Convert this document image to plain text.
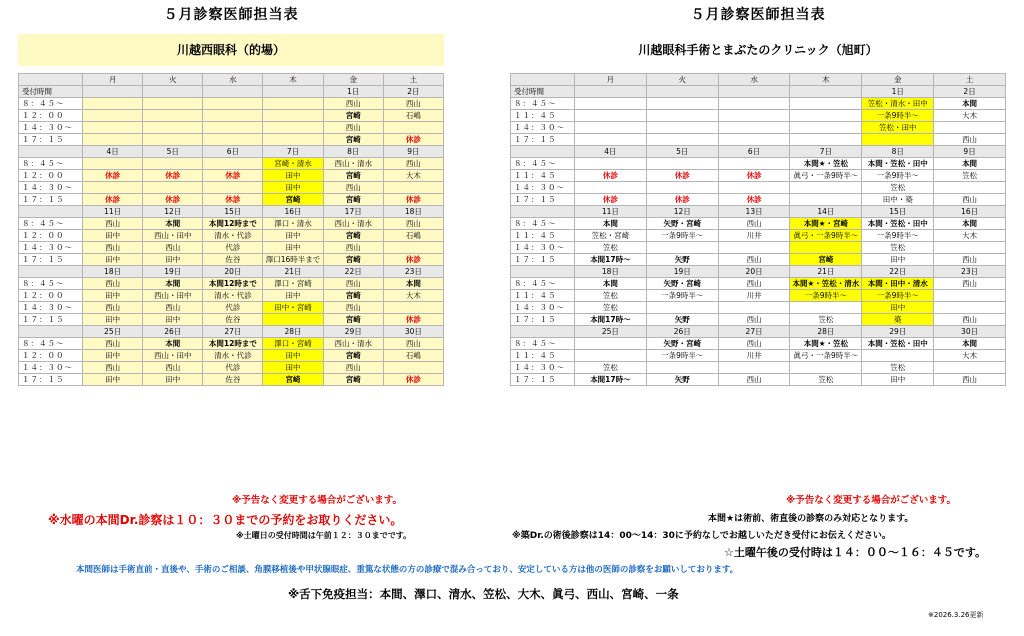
５月診察医師担当表
川越西眼科（的場）
	月	火	水	木	金	土
受付時間					1日	2日
８：４５～					西山	西山
１２：００					宮崎	石嶋
１４：３０～					西山	
１７：１５					宮崎	休診
	4日	5日	6日	7日	8日	9日
８：４５～				宮崎・清水	西山・清水	西山
１２：００	休診	休診	休診	田中	宮崎	大木
１４：３０～				田中	西山	
１７：１５	休診	休診	休診	宮崎	宮崎	休診
	11日	12日	15日	16日	17日	18日
８：４５～	西山	本間	本間12時まで	澤口・清水	西山・清水	西山
１２：００	田中	西山・田中	清水・代診	田中	宮崎	石嶋
１４：３０～	西山	西山	代診	田中	西山	
１７：１５	田中	田中	佐谷	澤口16時半まで	宮崎	休診
	18日	19日	20日	21日	22日	23日
８：４５～	西山	本間	本間12時まで	澤口・宮崎	西山	本間
１２：００	田中	西山・田中	清水・代診	田中	宮崎	大木
１４：３０～	西山	西山	代診	田中・宮崎	西山	
１７：１５	田中	田中	佐谷		宮崎	休診
	25日	26日	27日	28日	29日	30日
８：４５～	西山	本間	本間12時まで	澤口・宮崎	西山・清水	西山
１２：００	田中	西山・田中	清水・代診	田中	宮崎	石嶋
１４：３０～	西山	西山	代診	田中	西山	
１７：１５	田中	田中	佐谷	宮崎	宮崎	休診
５月診察医師担当表
川越眼科手術とまぶたのクリニック（旭町）
	月	火	水	木	金	土
受付時間					1日	2日
８：４５～					笠松・清水・田中	本間
１１：４５					一条9時半～	大木
１４：３０～					笠松・田中	
１７：１５						西山
	4日	5日	6日	7日	8日	9日
８：４５～				本間★・笠松	本間・笠松・田中	本間
１１：４５	休診	休診	休診	眞弓・一条9時半～	一条9時半～	笠松
１４：３０～					笠松	
１７：１５	休診	休診	休診		田中・築	西山
	11日	12日	13日	14日	15日	16日
８：４５～	本間	矢野・宮崎	西山	本間★・宮崎	本間・笠松・田中	本間
１１：４５	笠松・宮崎	一条9時半～	川井	眞弓・一条9時半～	一条9時半～	大木
１４：３０～	笠松				笠松	
１７：１５	本間17時～	矢野	西山	宮崎	田中	西山
	18日	19日	20日	21日	22日	23日
８：４５～	本間	矢野・宮崎	西山	本間★・笠松・清水	本間・田中・清水	西山
１１：４５	笠松	一条9時半～	川井	一条9時半～	一条9時半～	
１４：３０～	笠松				田中	
１７：１５	本間17時～	矢野	西山	笠松	築	西山
	25日	26日	27日	28日	29日	30日
８：４５～		矢野・宮崎	西山	本間★・笠松	本間・笠松・田中	本間
１１：４５		一条9時半～	川井	眞弓・一条9時半～		大木
１４：３０～	笠松				笠松	
１７：１５	本間17時～	矢野	西山	笠松	田中	西山
※予告なく変更する場合がございます。
※水曜の本間Dr.診察は１０：３０までの予約をお取りください。
※土曜日の受付時間は午前１２：３０までです。
※予告なく変更する場合がございます。
本間★は術前、術直後の診察のみ対応となります。
※築Dr.の術後診察は14：00～14：30に予約なしでお越しいただき受付にお伝えください。
☆土曜午後の受付時は１４：００～１６：４５です。
本間医師は手術直前・直後や、手術のご相談、角膜移植後や甲状腺眼症、重篤な状態の方の診療で混み合っており、安定している方は他の医師の診察をお願いしております。
※舌下免疫担当：本間、澤口、清水、笠松、大木、眞弓、西山、宮崎、一条
※2026.3.26更新
